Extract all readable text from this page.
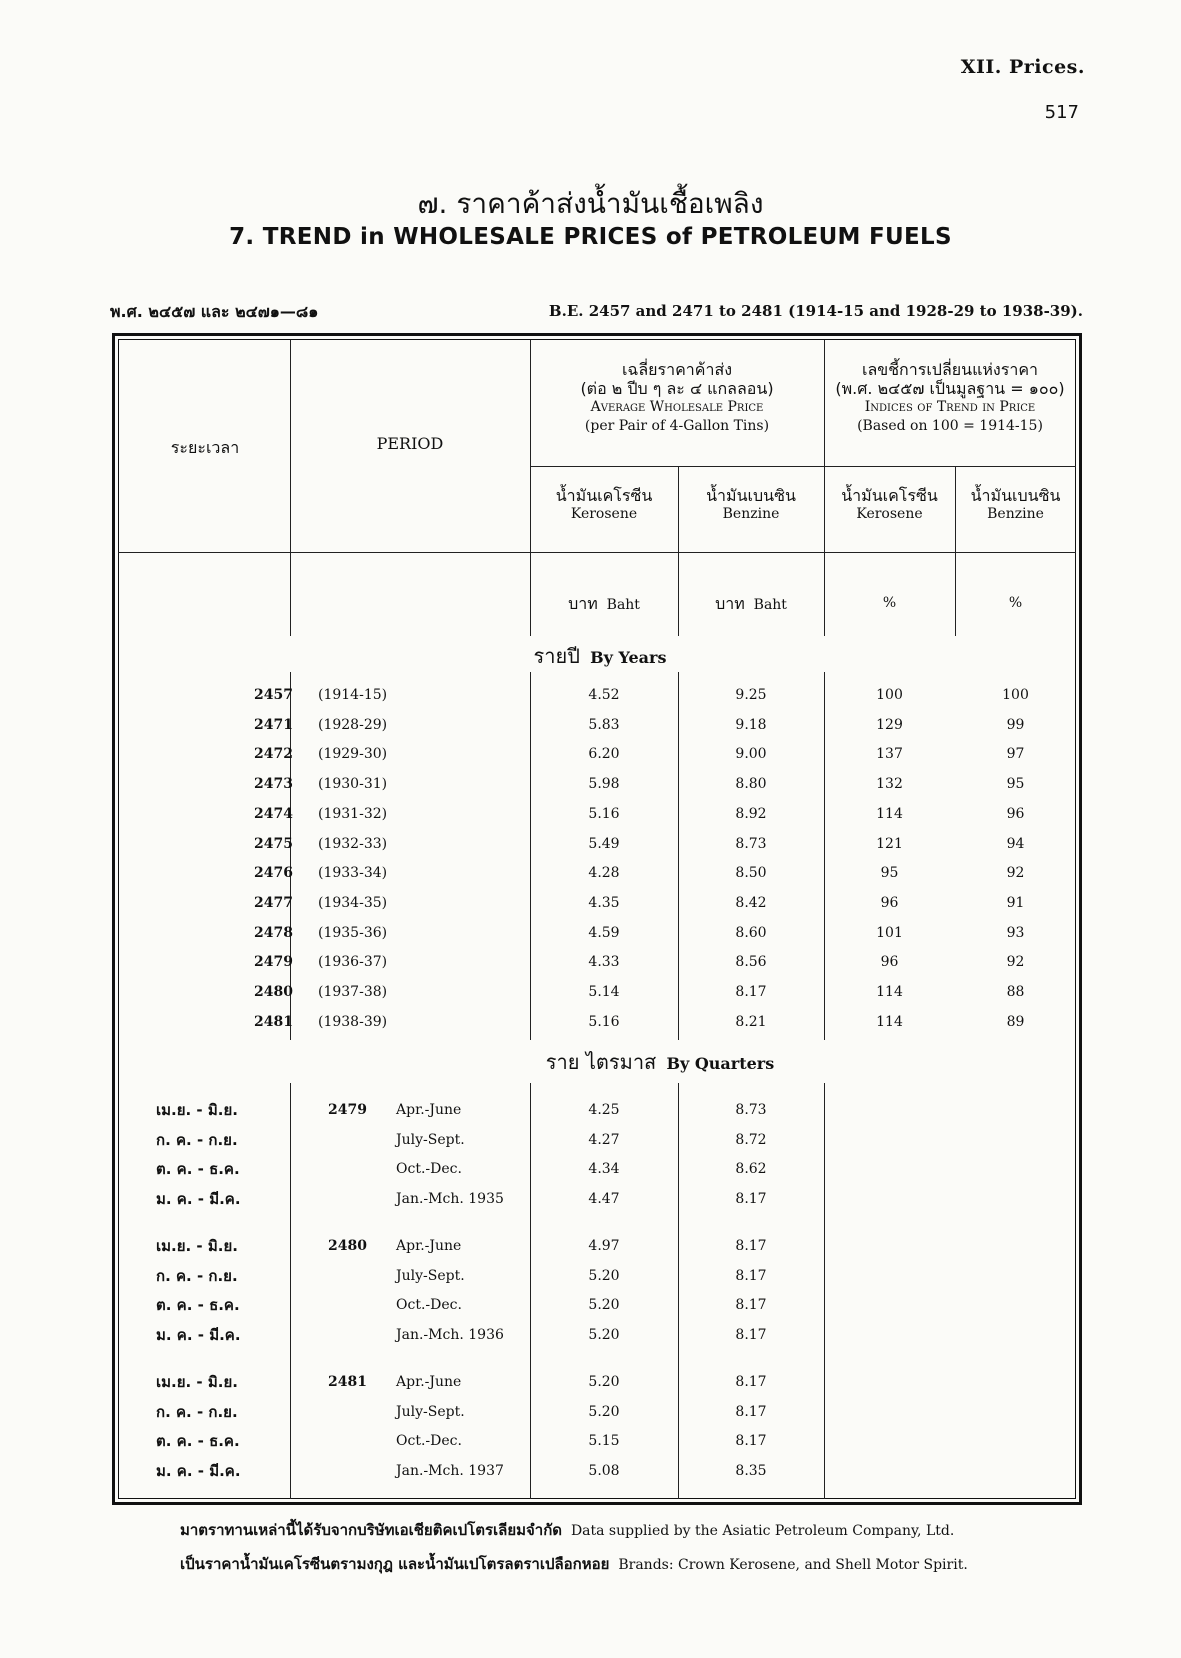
XII. Prices.
517
๗. ราคาค้าส่งน้ำมันเชื้อเพลิง
7. TREND in WHOLESALE PRICES of PETROLEUM FUELS
พ.ศ. ๒๔๕๗ และ ๒๔๗๑—๘๑	B.E. 2457 and 2471 to 2481 (1914-15 and 1928-29 to 1938-39).
ระยะเวลา	PERIOD
เฉลี่ยราคาค้าส่ง
(ต่อ ๒ ปีบ ๆ ละ ๔ แกลลอน)
Average Wholesale Price
(per Pair of 4-Gallon Tins)
เลขชี้การเปลี่ยนแห่งราคา
(พ.ศ. ๒๔๕๗ เป็นมูลฐาน = ๑๐๐)
Indices of Trend in Price
(Based on 100 = 1914-15)
น้ำมันเคโรซีน
Kerosene
น้ำมันเบนซิน
Benzine
น้ำมันเคโรซีน
Kerosene
น้ำมันเบนซิน
Benzine
บาท Baht	บาท Baht	%	%
รายปี By Years
2457 (1914-15)	4.52	9.25	100	100
2471 (1928-29)	5.83	9.18	129	99
2472 (1929-30)	6.20	9.00	137	97
2473 (1930-31)	5.98	8.80	132	95
2474 (1931-32)	5.16	8.92	114	96
2475 (1932-33)	5.49	8.73	121	94
2476 (1933-34)	4.28	8.50	95	92
2477 (1934-35)	4.35	8.42	96	91
2478 (1935-36)	4.59	8.60	101	93
2479 (1936-37)	4.33	8.56	96	92
2480 (1937-38)	5.14	8.17	114	88
2481 (1938-39)	5.16	8.21	114	89
ราย ไตรมาส By Quarters
เม.ย. - มิ.ย.	2479 Apr.-June	4.25	8.73
ก. ค. - ก.ย.	July-Sept.	4.27	8.72
ต. ค. - ธ.ค.	Oct.-Dec.	4.34	8.62
ม. ค. - มี.ค.	Jan.-Mch. 1935	4.47	8.17
เม.ย. - มิ.ย.	2480 Apr.-June	4.97	8.17
ก. ค. - ก.ย.	July-Sept.	5.20	8.17
ต. ค. - ธ.ค.	Oct.-Dec.	5.20	8.17
ม. ค. - มี.ค.	Jan.-Mch. 1936	5.20	8.17
เม.ย. - มิ.ย.	2481 Apr.-June	5.20	8.17
ก. ค. - ก.ย.	July-Sept.	5.20	8.17
ต. ค. - ธ.ค.	Oct.-Dec.	5.15	8.17
ม. ค. - มี.ค.	Jan.-Mch. 1937	5.08	8.35
มาตราทานเหล่านี้ได้รับจากบริษัทเอเชียติคเปโตรเลียมจำกัด Data supplied by the Asiatic Petroleum Company, Ltd.
เป็นราคาน้ำมันเคโรซีนตรามงกุฎ และน้ำมันเปโตรลตราเปลือกหอย Brands: Crown Kerosene, and Shell Motor Spirit.
